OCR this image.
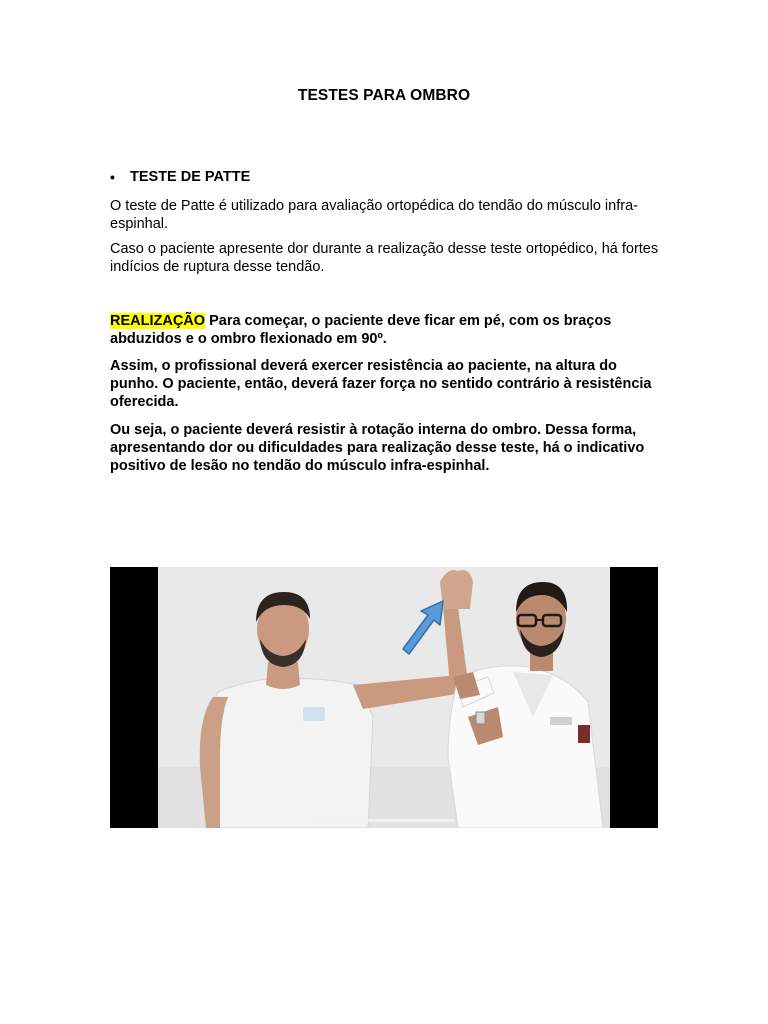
TESTES PARA OMBRO
• TESTE DE PATTE
O teste de Patte é utilizado para avaliação ortopédica do tendão do músculo infra-espinhal.
Caso o paciente apresente dor durante a realização desse teste ortopédico, há fortes indícios de ruptura desse tendão.
REALIZAÇÃO Para começar, o paciente deve ficar em pé, com os braços abduzidos e o ombro flexionado em 90º.
Assim, o profissional deverá exercer resistência ao paciente, na altura do punho. O paciente, então, deverá fazer força no sentido contrário à resistência oferecida.
Ou seja, o paciente deverá resistir à rotação interna do ombro. Dessa forma, apresentando dor ou dificuldades para realização desse teste, há o indicativo positivo de lesão no tendão do músculo infra-espinhal.
